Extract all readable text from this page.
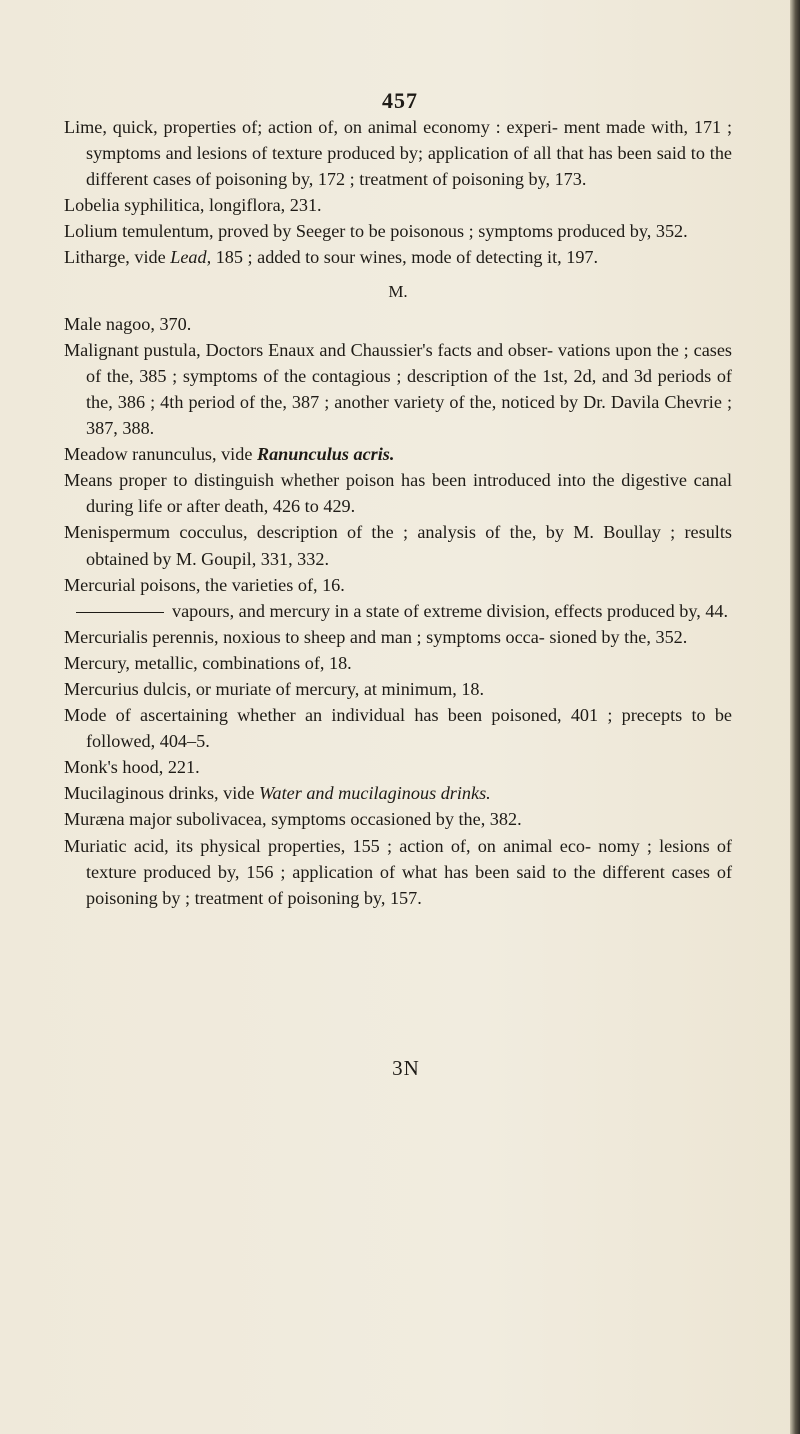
457

Lime, quick, properties of; action of, on animal economy : experi- ment made with, 171 ; symptoms and lesions of texture produced by; application of all that has been said to the different cases of poisoning by, 172 ; treatment of poisoning by, 173.

Lobelia syphilitica, longiflora, 231.

Lolium temulentum, proved by Seeger to be poisonous ; symptoms produced by, 352.

Litharge, vide Lead, 185 ; added to sour wines, mode of detecting it, 197.

M.

Male nagoo, 370.

Malignant pustula, Doctors Enaux and Chaussier's facts and obser- vations upon the ; cases of the, 385 ; symptoms of the contagious ; description of the 1st, 2d, and 3d periods of the, 386 ; 4th period of the, 387 ; another variety of the, noticed by Dr. Davila Chevrie ; 387, 388.

Meadow ranunculus, vide Ranunculus acris.

Means proper to distinguish whether poison has been introduced into the digestive canal during life or after death, 426 to 429.

Menispermum cocculus, description of the ; analysis of the, by M. Boullay ; results obtained by M. Goupil, 331, 332.

Mercurial poisons, the varieties of, 16.

vapours, and mercury in a state of extreme division, effects produced by, 44.

Mercurialis perennis, noxious to sheep and man ; symptoms occa- sioned by the, 352.

Mercury, metallic, combinations of, 18.

Mercurius dulcis, or muriate of mercury, at minimum, 18.

Mode of ascertaining whether an individual has been poisoned, 401 ; precepts to be followed, 404–5.

Monk's hood, 221.

Mucilaginous drinks, vide Water and mucilaginous drinks.

Muræna major subolivacea, symptoms occasioned by the, 382.

Muriatic acid, its physical properties, 155 ; action of, on animal eco- nomy ; lesions of texture produced by, 156 ; application of what has been said to the different cases of poisoning by ; treatment of poisoning by, 157.

3N
